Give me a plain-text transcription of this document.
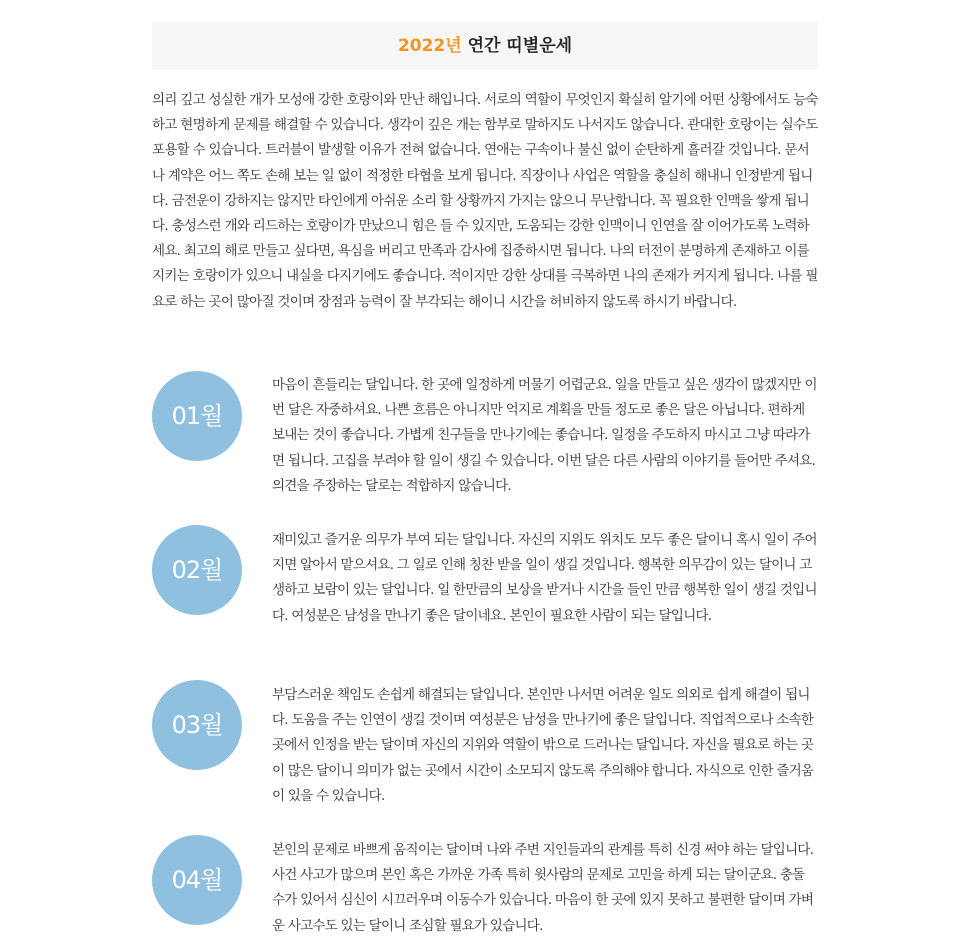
2022년 연간 띠별운세

의리 깊고 성실한 개가 모성애 강한 호랑이와 만난 해입니다. 서로의 역할이 무엇인지 확실히 알기에 어떤 상황에서도 능숙하고 현명하게 문제를 해결할 수 있습니다. 생각이 깊은 개는 함부로 말하지도 나서지도 않습니다. 관대한 호랑이는 실수도 포용할 수 있습니다. 트러블이 발생할 이유가 전혀 없습니다. 연애는 구속이나 불신 없이 순탄하게 흘러갈 것입니다. 문서나 계약은 어느 쪽도 손해 보는 일 없이 적정한 타협을 보게 됩니다. 직장이나 사업은 역할을 충실히 해내니 인정받게 됩니다. 금전운이 강하지는 않지만 타인에게 아쉬운 소리 할 상황까지 가지는 않으니 무난합니다. 꼭 필요한 인맥을 쌓게 됩니다. 충성스런 개와 리드하는 호랑이가 만났으니 힘은 들 수 있지만, 도움되는 강한 인맥이니 인연을 잘 이어가도록 노력하세요. 최고의 해로 만들고 싶다면, 욕심을 버리고 만족과 감사에 집중하시면 됩니다. 나의 터전이 분명하게 존재하고 이를 지키는 호랑이가 있으니 내실을 다지기에도 좋습니다. 적이지만 강한 상대를 극복하면 나의 존재가 커지게 됩니다. 나를 필요로 하는 곳이 많아질 것이며 장점과 능력이 잘 부각되는 해이니 시간을 허비하지 않도록 하시기 바랍니다.

01월

마음이 흔들리는 달입니다. 한 곳에 일정하게 머물기 어렵군요. 일을 만들고 싶은 생각이 많겠지만 이번 달은 자중하셔요. 나쁜 흐름은 아니지만 억지로 계획을 만들 정도로 좋은 달은 아닙니다. 편하게 보내는 것이 좋습니다. 가볍게 친구들을 만나기에는 좋습니다. 일정을 주도하지 마시고 그냥 따라가면 됩니다. 고집을 부려야 할 일이 생길 수 있습니다. 이번 달은 다른 사람의 이야기를 들어만 주셔요. 의견을 주장하는 달로는 적합하지 않습니다.

02월

재미있고 즐거운 의무가 부여 되는 달입니다. 자신의 지위도 위치도 모두 좋은 달이니 혹시 일이 주어지면 알아서 맡으셔요. 그 일로 인해 칭찬 받을 일이 생길 것입니다. 행복한 의무감이 있는 달이니 고생하고 보람이 있는 달입니다. 일 한만큼의 보상을 받거나 시간을 들인 만큼 행복한 일이 생길 것입니다. 여성분은 남성을 만나기 좋은 달이네요. 본인이 필요한 사람이 되는 달입니다.

03월

부담스러운 책임도 손쉽게 해결되는 달입니다. 본인만 나서면 어려운 일도 의외로 쉽게 해결이 됩니다. 도움을 주는 인연이 생길 것이며 여성분은 남성을 만나기에 좋은 달입니다. 직업적으로나 소속한 곳에서 인정을 받는 달이며 자신의 지위와 역할이 밖으로 드러나는 달입니다. 자신을 필요로 하는 곳이 많은 달이니 의미가 없는 곳에서 시간이 소모되지 않도록 주의해야 합니다. 자식으로 인한 즐거움이 있을 수 있습니다.

04월

본인의 문제로 바쁘게 움직이는 달이며 나와 주변 지인들과의 관계를 특히 신경 써야 하는 달입니다. 사건 사고가 많으며 본인 혹은 가까운 가족 특히 윗사람의 문제로 고민을 하게 되는 달이군요. 충돌 수가 있어서 심신이 시끄러우며 이동수가 있습니다. 마음이 한 곳에 있지 못하고 불편한 달이며 가벼운 사고수도 있는 달이니 조심할 필요가 있습니다.
